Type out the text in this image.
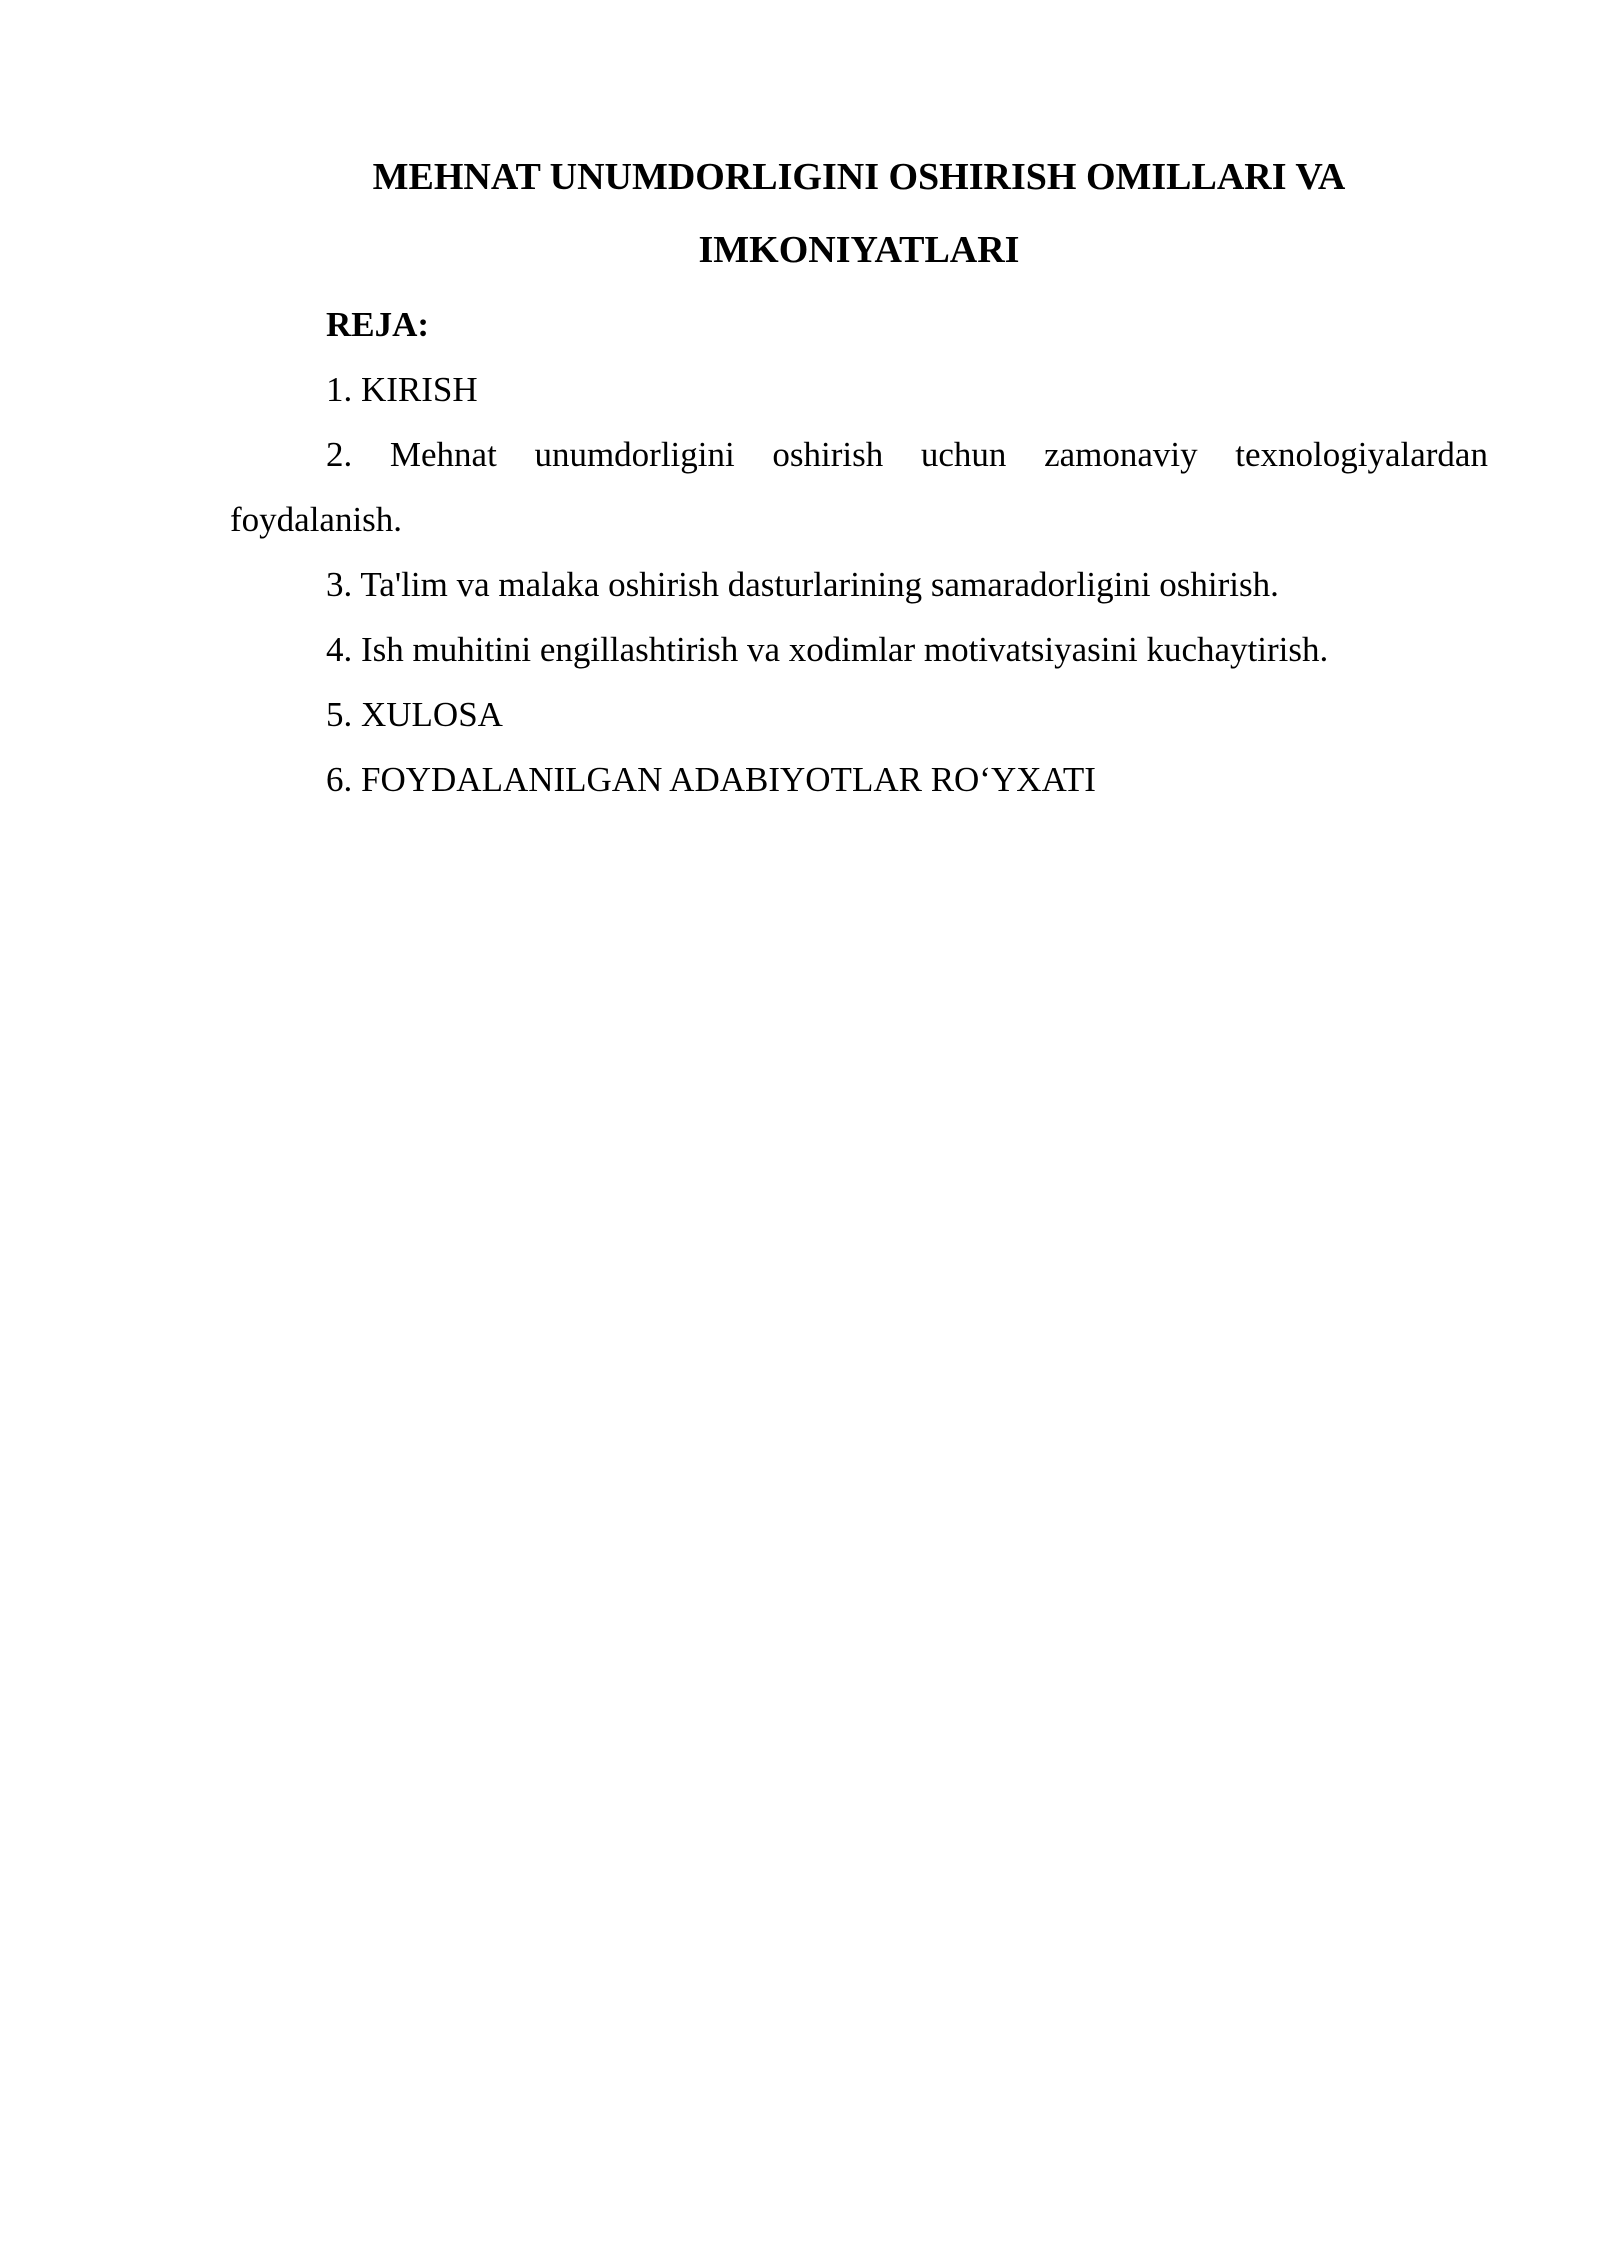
MEHNAT UNUMDORLIGINI OSHIRISH OMILLARI VA
IMKONIYATLARI

REJA:

1. KIRISH

2. Mehnat unumdorligini oshirish uchun zamonaviy texnologiyalardan

foydalanish.

3. Ta'lim va malaka oshirish dasturlarining samaradorligini oshirish.

4. Ish muhitini engillashtirish va xodimlar motivatsiyasini kuchaytirish.

5. XULOSA

6. FOYDALANILGAN ADABIYOTLAR RO‘YXATI
